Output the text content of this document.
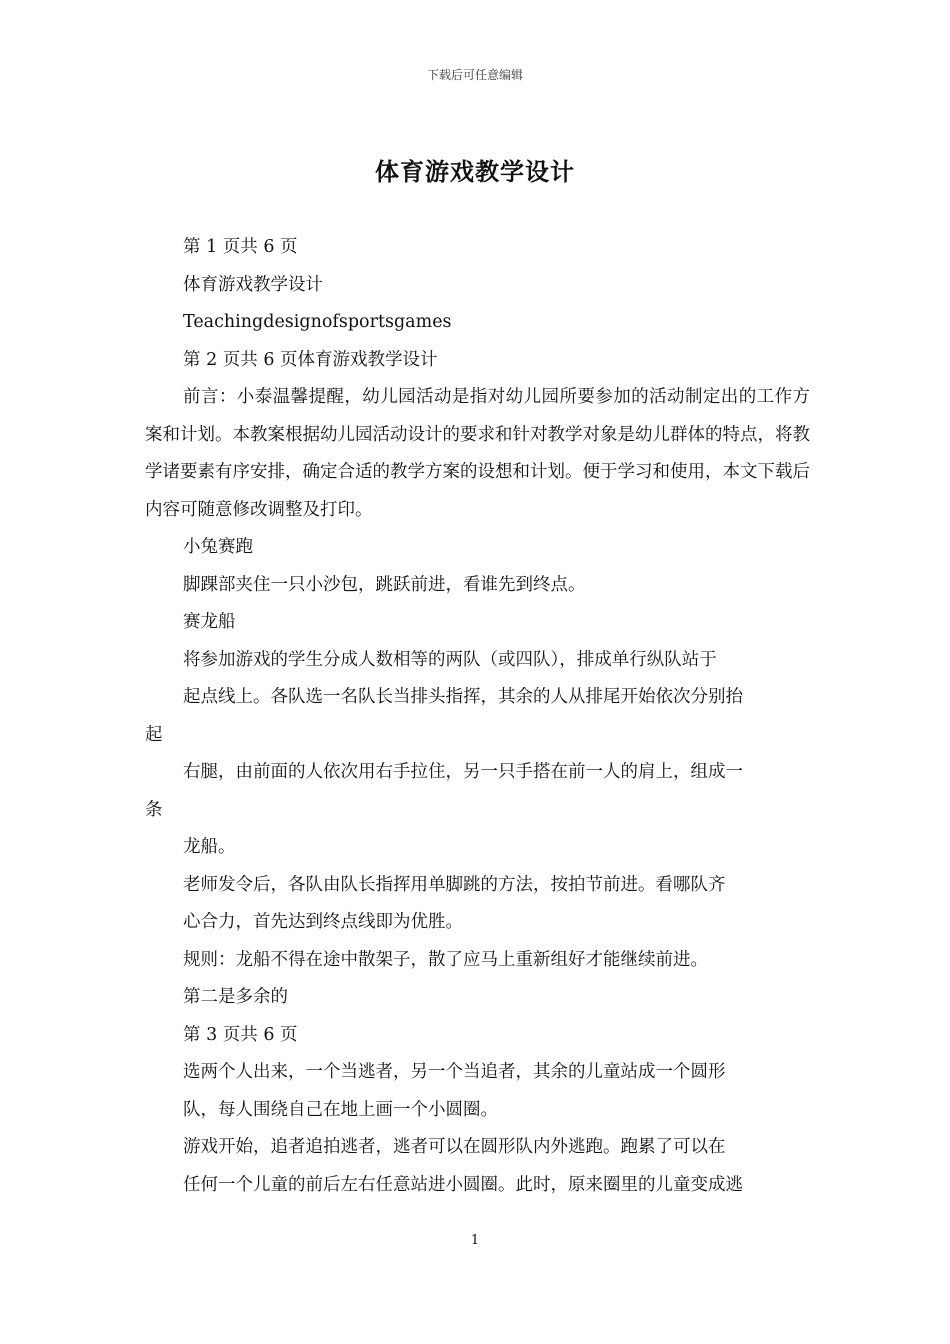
下载后可任意编辑
体育游戏教学设计
第 1 页共 6 页
体育游戏教学设计
Teachingdesignofsportsgames
第 2 页共 6 页体育游戏教学设计
前言：小泰温馨提醒，幼儿园活动是指对幼儿园所要参加的活动制定出的工作方案和计划。本教案根据幼儿园活动设计的要求和针对教学对象是幼儿群体的特点，将教学诸要素有序安排，确定合适的教学方案的设想和计划。便于学习和使用，本文下载后内容可随意修改调整及打印。
小兔赛跑
脚踝部夹住一只小沙包，跳跃前进，看谁先到终点。
赛龙船
将参加游戏的学生分成人数相等的两队（或四队），排成单行纵队站于
起点线上。各队选一名队长当排头指挥，其余的人从排尾开始依次分别抬
起
右腿，由前面的人依次用右手拉住，另一只手搭在前一人的肩上，组成一
条
龙船。
老师发令后，各队由队长指挥用单脚跳的方法，按拍节前进。看哪队齐
心合力，首先达到终点线即为优胜。
规则：龙船不得在途中散架子，散了应马上重新组好才能继续前进。
第二是多余的
第 3 页共 6 页
选两个人出来，一个当逃者，另一个当追者，其余的儿童站成一个圆形
队，每人围绕自己在地上画一个小圆圈。
游戏开始，追者追拍逃者，逃者可以在圆形队内外逃跑。跑累了可以在
任何一个儿童的前后左右任意站进小圆圈。此时，原来圈里的儿童变成逃
1
